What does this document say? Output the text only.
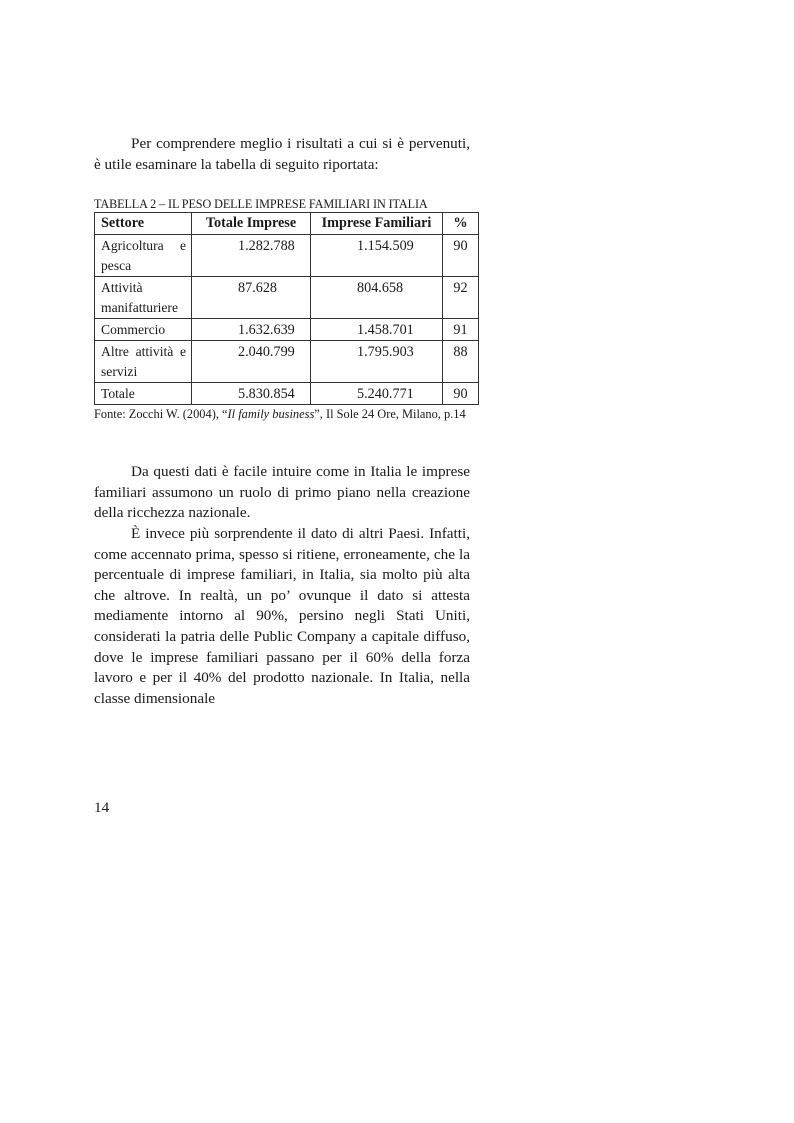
Per comprendere meglio i risultati a cui si è pervenuti, è utile esaminare la tabella di seguito riportata:

TABELLA 2 – IL PESO DELLE IMPRESE FAMILIARI IN ITALIA
Settore	Totale Imprese	Imprese Familiari	%
Agricoltura e pesca	1.282.788	1.154.509	90
Attività manifatturiere	87.628	804.658	92
Commercio	1.632.639	1.458.701	91
Altre attività e servizi	2.040.799	1.795.903	88
Totale	5.830.854	5.240.771	90
Fonte: Zocchi W. (2004), “Il family business”, Il Sole 24 Ore, Milano, p.14

Da questi dati è facile intuire come in Italia le imprese familiari assumono un ruolo di primo piano nella creazione della ricchezza nazionale.

È invece più sorprendente il dato di altri Paesi. Infatti, come accennato prima, spesso si ritiene, erroneamente, che la percentuale di imprese familiari, in Italia, sia molto più alta che altrove. In realtà, un po’ ovunque il dato si attesta mediamente intorno al 90%, persino negli Stati Uniti, considerati la patria delle Public Company a capitale diffuso, dove le imprese familiari passano per il 60% della forza lavoro e per il 40% del prodotto nazionale. In Italia, nella classe dimensionale

14
